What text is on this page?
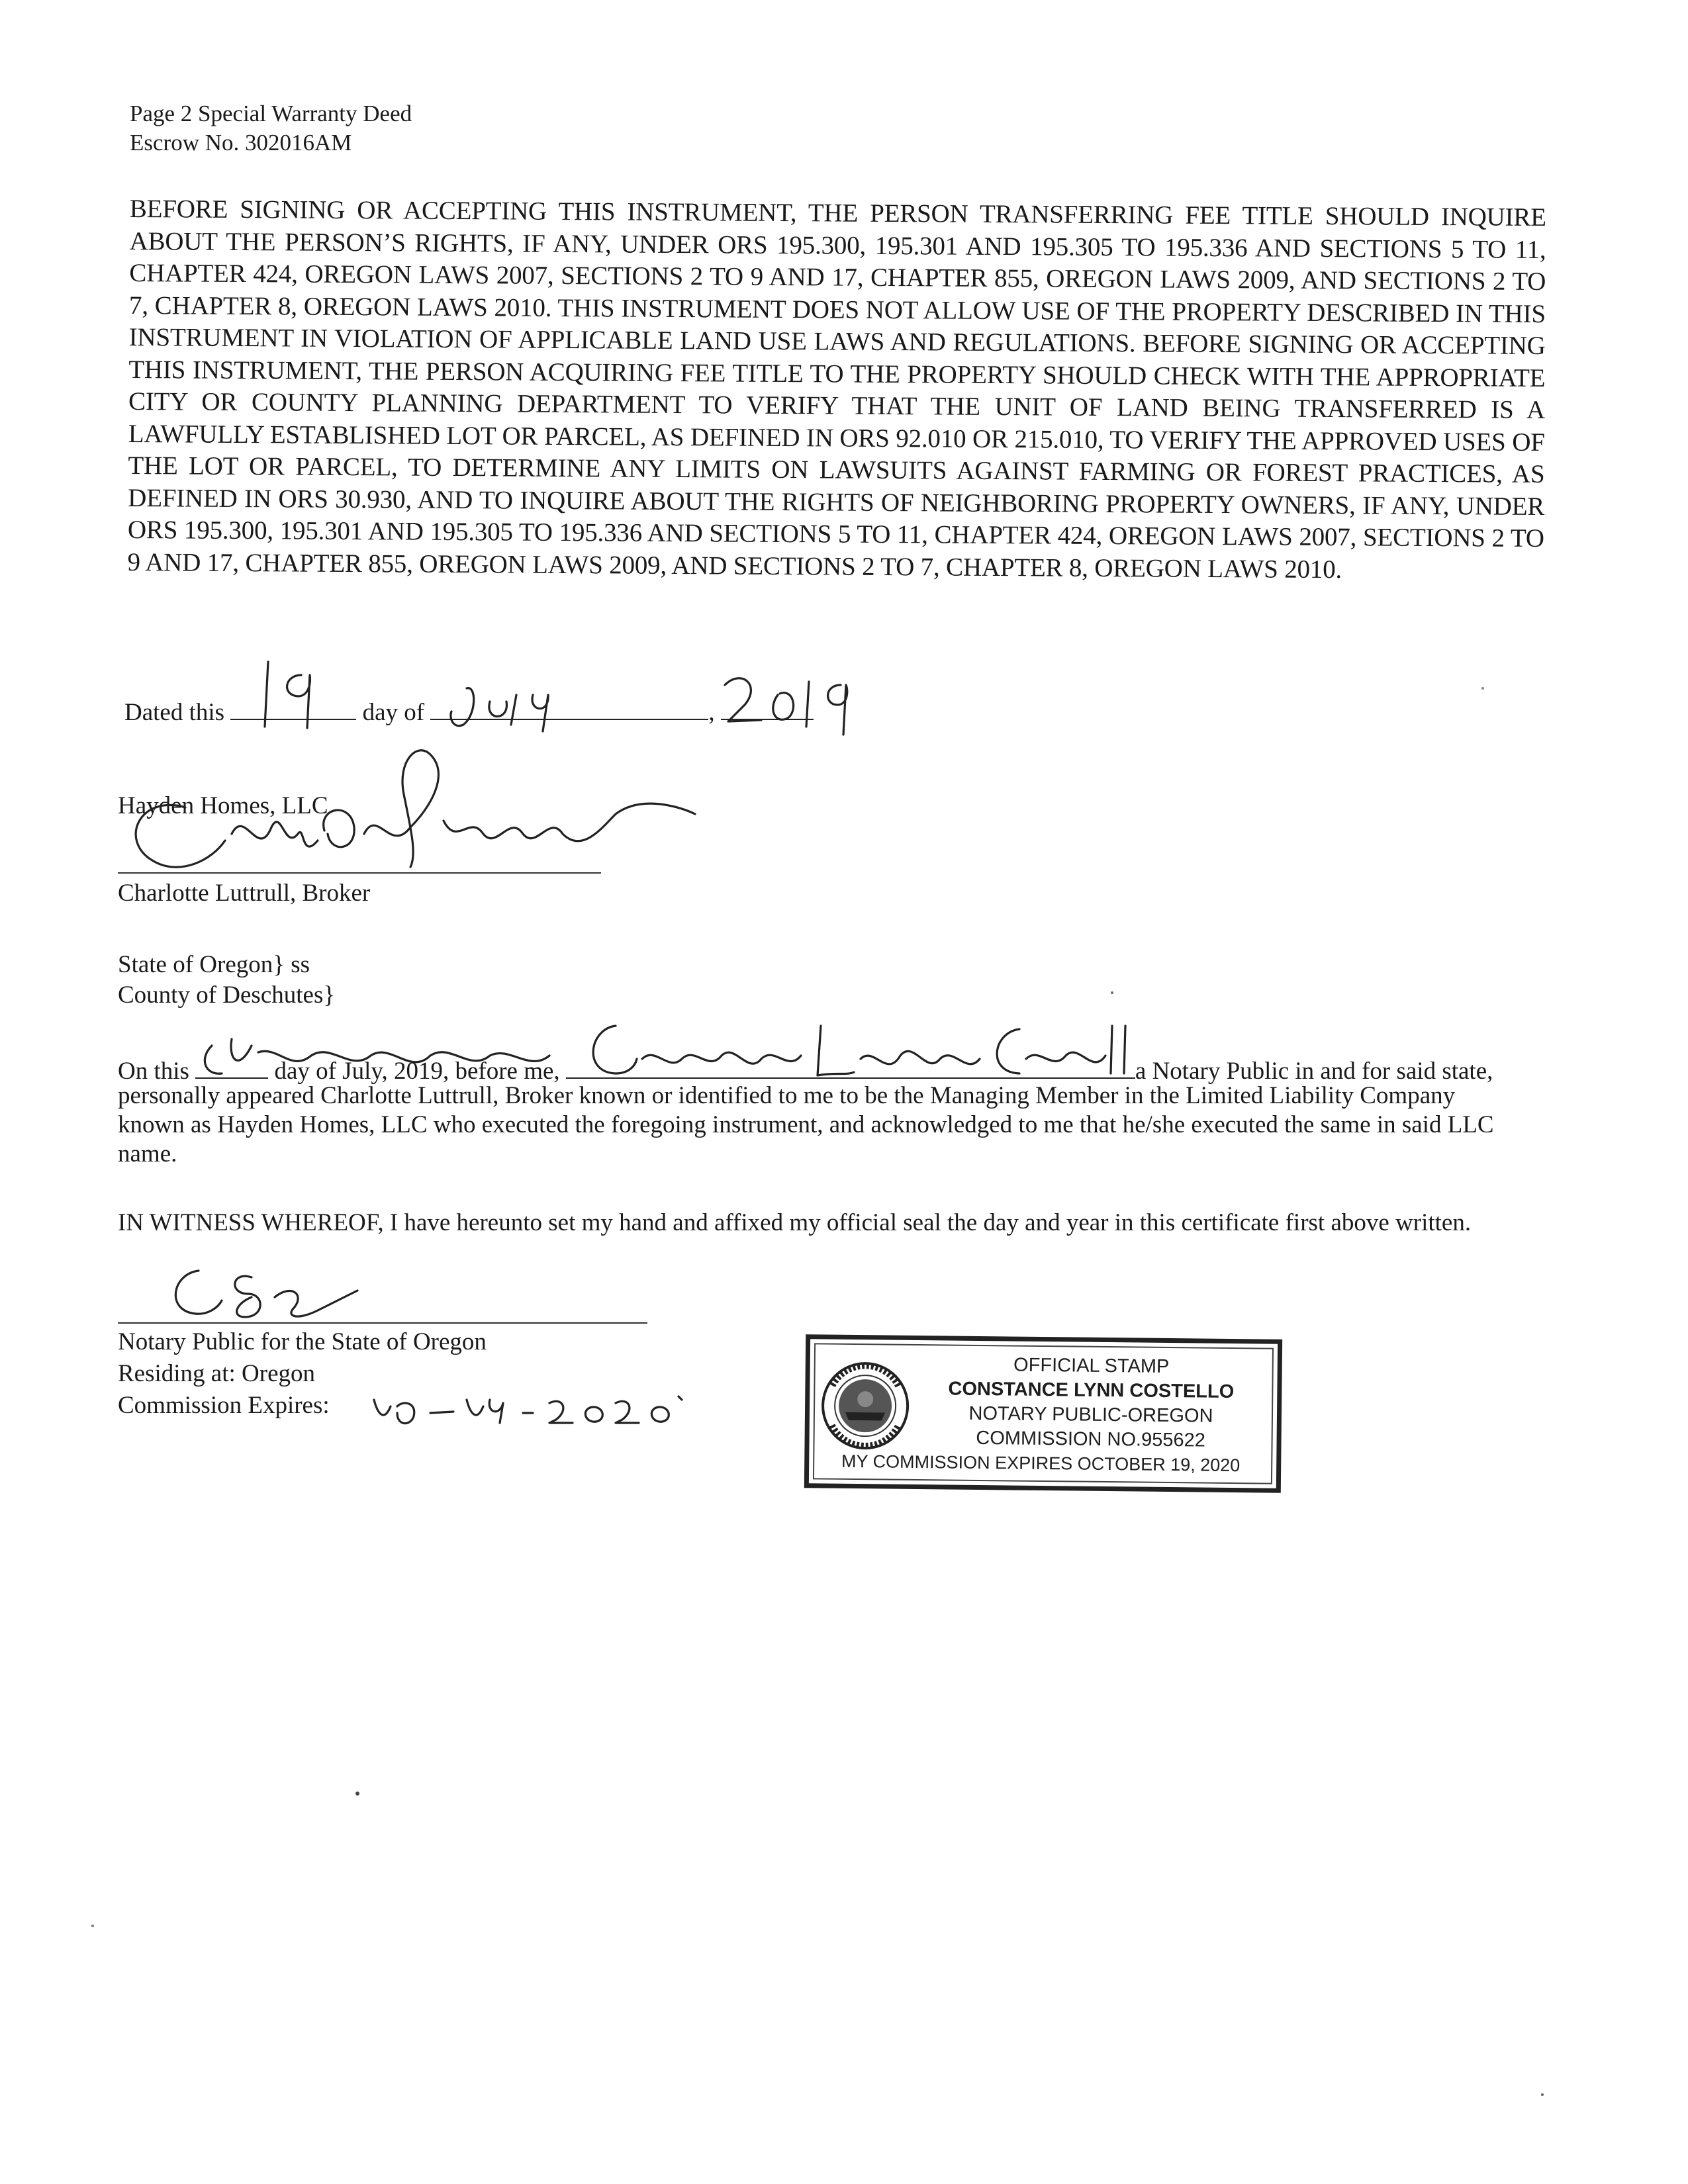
Page 2 Special Warranty Deed
Escrow No. 302016AM

BEFORE SIGNING OR ACCEPTING THIS INSTRUMENT, THE PERSON TRANSFERRING FEE TITLE SHOULD INQUIRE ABOUT THE PERSON’S RIGHTS, IF ANY, UNDER ORS 195.300, 195.301 AND 195.305 TO 195.336 AND SECTIONS 5 TO 11, CHAPTER 424, OREGON LAWS 2007, SECTIONS 2 TO 9 AND 17, CHAPTER 855, OREGON LAWS 2009, AND SECTIONS 2 TO 7, CHAPTER 8, OREGON LAWS 2010. THIS INSTRUMENT DOES NOT ALLOW USE OF THE PROPERTY DESCRIBED IN THIS INSTRUMENT IN VIOLATION OF APPLICABLE LAND USE LAWS AND REGULATIONS. BEFORE SIGNING OR ACCEPTING THIS INSTRUMENT, THE PERSON ACQUIRING FEE TITLE TO THE PROPERTY SHOULD CHECK WITH THE APPROPRIATE CITY OR COUNTY PLANNING DEPARTMENT TO VERIFY THAT THE UNIT OF LAND BEING TRANSFERRED IS A LAWFULLY ESTABLISHED LOT OR PARCEL, AS DEFINED IN ORS 92.010 OR 215.010, TO VERIFY THE APPROVED USES OF THE LOT OR PARCEL, TO DETERMINE ANY LIMITS ON LAWSUITS AGAINST FARMING OR FOREST PRACTICES, AS DEFINED IN ORS 30.930, AND TO INQUIRE ABOUT THE RIGHTS OF NEIGHBORING PROPERTY OWNERS, IF ANY, UNDER ORS 195.300, 195.301 AND 195.305 TO 195.336 AND SECTIONS 5 TO 11, CHAPTER 424, OREGON LAWS 2007, SECTIONS 2 TO 9 AND 17, CHAPTER 855, OREGON LAWS 2009, AND SECTIONS 2 TO 7, CHAPTER 8, OREGON LAWS 2010.

Dated this	day of	,
Hayden Homes, LLC
Charlotte Luttrull, Broker
State of Oregon} ss
County of Deschutes}
On this	day of July, 2019, before me,	a Notary Public in and for said state,
personally appeared Charlotte Luttrull, Broker known or identified to me to be the Managing Member in the Limited Liability Company known as Hayden Homes, LLC who executed the foregoing instrument, and acknowledged to me that he/she executed the same in said LLC name.
IN WITNESS WHEREOF, I have hereunto set my hand and affixed my official seal the day and year in this certificate first above written.
Notary Public for the State of Oregon
Residing at: Oregon
Commission Expires:
OFFICIAL STAMP
CONSTANCE LYNN COSTELLO
NOTARY PUBLIC-OREGON
COMMISSION NO.955622
MY COMMISSION EXPIRES OCTOBER 19, 2020
